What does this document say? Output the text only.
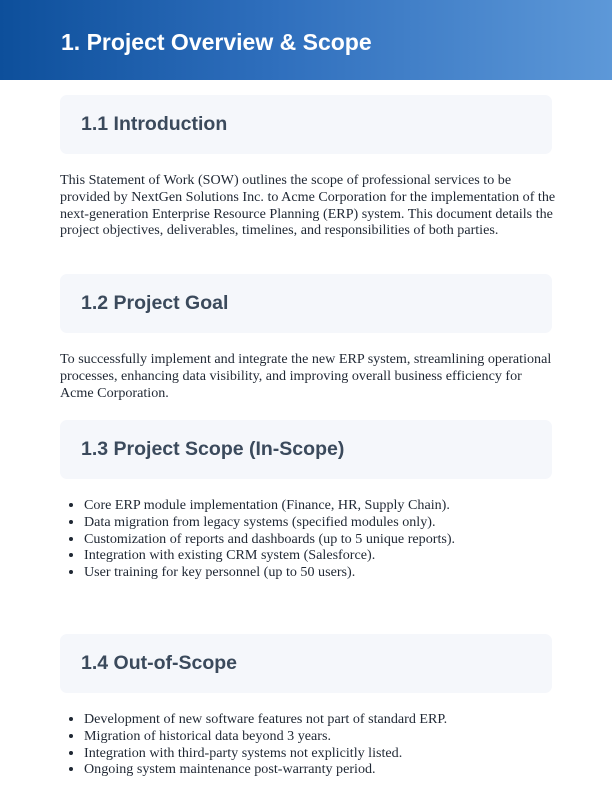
1. Project Overview & Scope
1.1 Introduction

This Statement of Work (SOW) outlines the scope of professional services to be provided by NextGen Solutions Inc. to Acme Corporation for the implementation of the next-generation Enterprise Resource Planning (ERP) system. This document details the project objectives, deliverables, timelines, and responsibilities of both parties.

1.2 Project Goal

To successfully implement and integrate the new ERP system, streamlining operational processes, enhancing data visibility, and improving overall business efficiency for Acme Corporation.

1.3 Project Scope (In-Scope)
• Core ERP module implementation (Finance, HR, Supply Chain).
• Data migration from legacy systems (specified modules only).
• Customization of reports and dashboards (up to 5 unique reports).
• Integration with existing CRM system (Salesforce).
• User training for key personnel (up to 50 users).
1.4 Out-of-Scope
• Development of new software features not part of standard ERP.
• Migration of historical data beyond 3 years.
• Integration with third-party systems not explicitly listed.
• Ongoing system maintenance post-warranty period.
